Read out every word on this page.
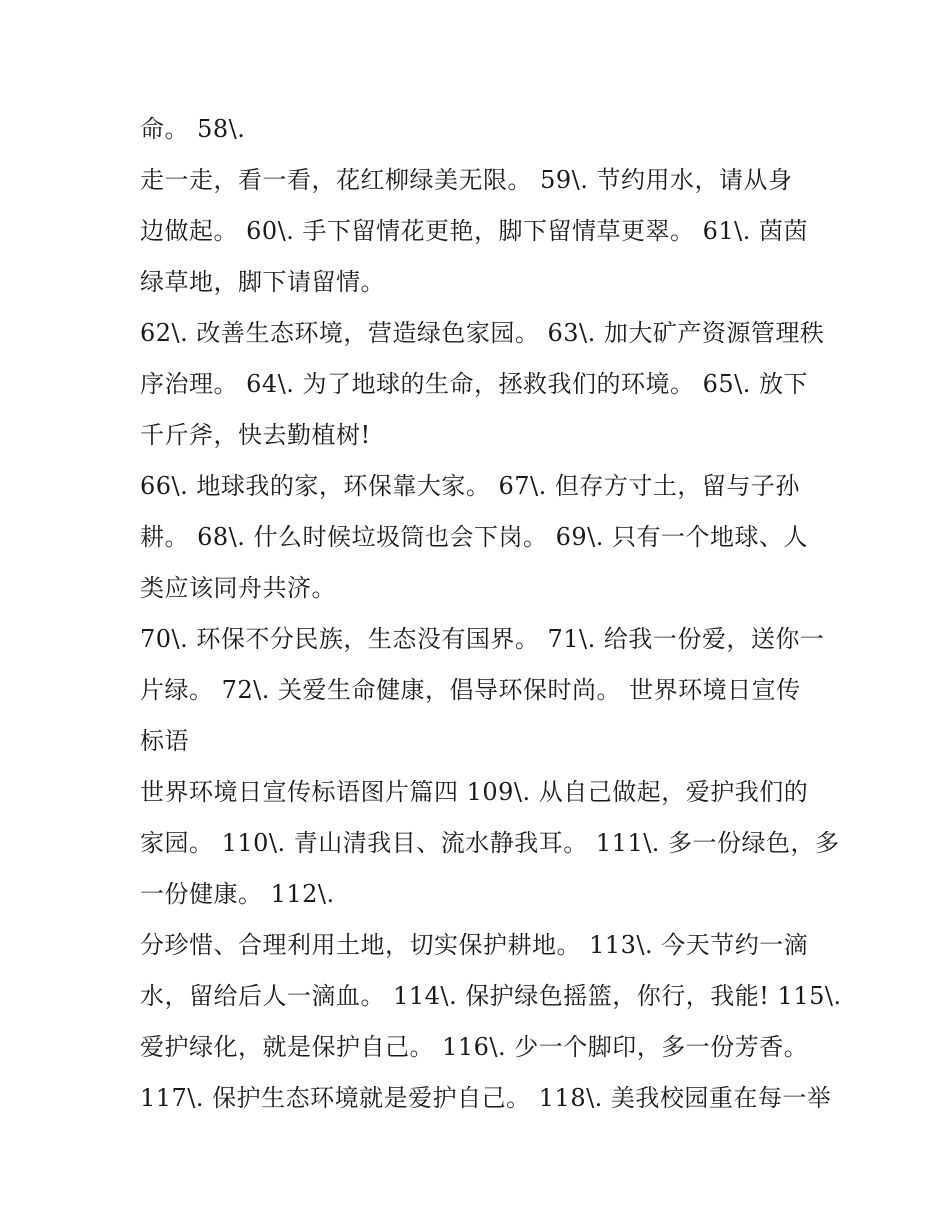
命。 58\.
走一走，看一看，花红柳绿美无限。 59\. 节约用水，请从身
边做起。 60\. 手下留情花更艳，脚下留情草更翠。 61\. 茵茵
绿草地，脚下请留情。
62\. 改善生态环境，营造绿色家园。 63\. 加大矿产资源管理秩
序治理。 64\. 为了地球的生命，拯救我们的环境。 65\. 放下
千斤斧，快去勤植树!
66\. 地球我的家，环保靠大家。 67\. 但存方寸土，留与子孙
耕。 68\. 什么时候垃圾筒也会下岗。 69\. 只有一个地球、人
类应该同舟共济。
70\. 环保不分民族，生态没有国界。 71\. 给我一份爱，送你一
片绿。 72\. 关爱生命健康，倡导环保时尚。 世界环境日宣传
标语
世界环境日宣传标语图片篇四 109\. 从自己做起，爱护我们的
家园。 110\. 青山清我目、流水静我耳。 111\. 多一份绿色，多
一份健康。 112\.
分珍惜、合理利用土地，切实保护耕地。 113\. 今天节约一滴
水，留给后人一滴血。 114\. 保护绿色摇篮，你行，我能! 115\.
爱护绿化，就是保护自己。 116\. 少一个脚印，多一份芳香。
117\. 保护生态环境就是爱护自己。 118\. 美我校园重在每一举
